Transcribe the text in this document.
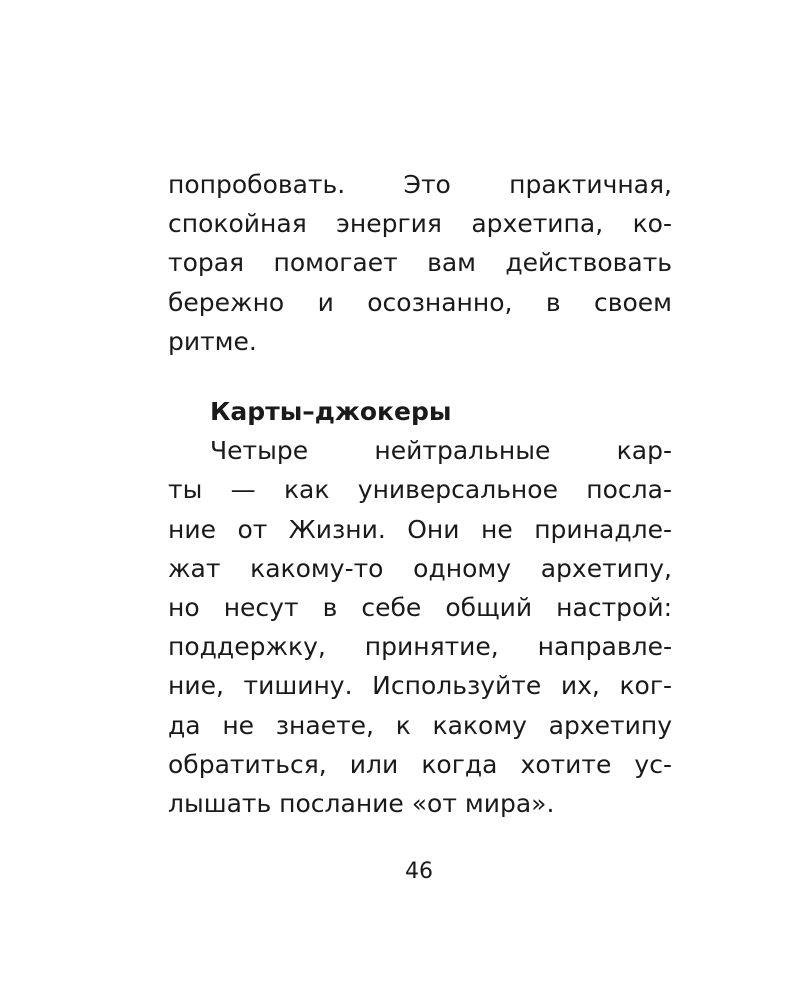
попробовать. Это практичная,
спокойная энергия архетипа, ко-
торая помогает вам действовать
бережно и осознанно, в своем
ритме.
Карты–джокеры
Четыре нейтральные кар-
ты — как универсальное посла-
ние от Жизни. Они не принадле-
жат какому-то одному архетипу,
но несут в себе общий настрой:
поддержку, принятие, направле-
ние, тишину. Используйте их, ког-
да не знаете, к какому архетипу
обратиться, или когда хотите ус-
лышать послание «от мира».
46
